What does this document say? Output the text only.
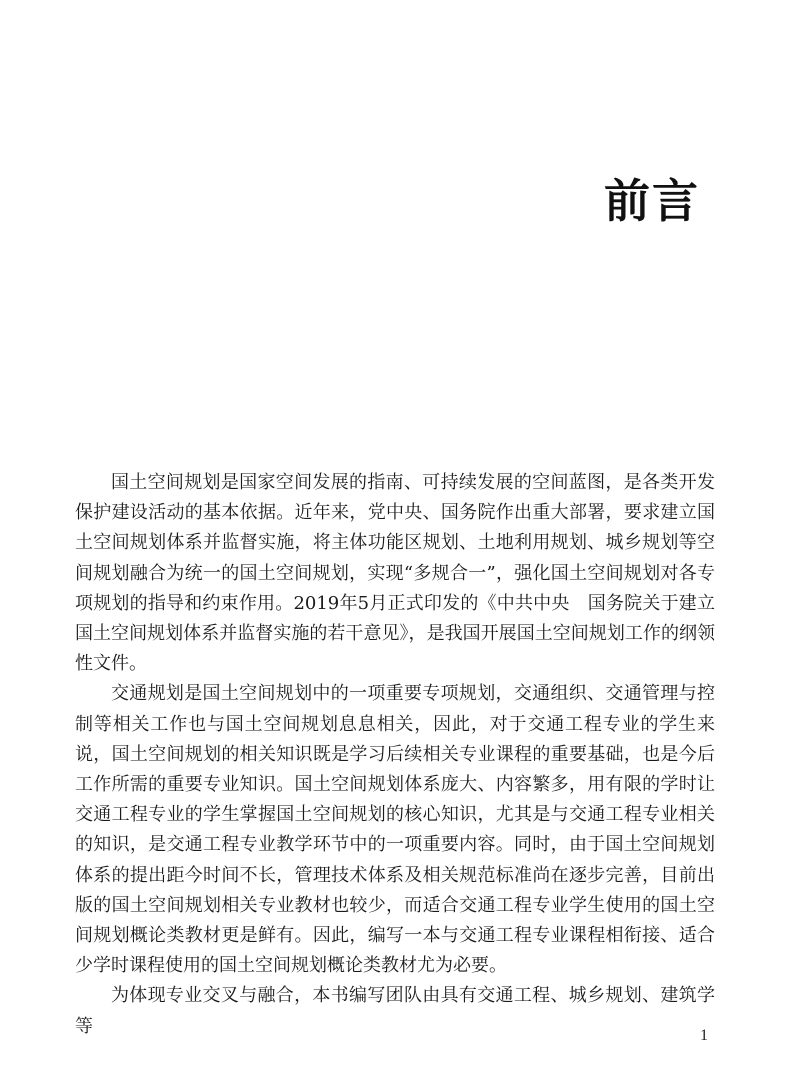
前言

国土空间规划是国家空间发展的指南、可持续发展的空间蓝图，是各类开发保护建设活动的基本依据。近年来，党中央、国务院作出重大部署，要求建立国土空间规划体系并监督实施，将主体功能区规划、土地利用规划、城乡规划等空间规划融合为统一的国土空间规划，实现“多规合一”，强化国土空间规划对各专项规划的指导和约束作用。2019年5月正式印发的《中共中央　国务院关于建立国土空间规划体系并监督实施的若干意见》，是我国开展国土空间规划工作的纲领性文件。

交通规划是国土空间规划中的一项重要专项规划，交通组织、交通管理与控制等相关工作也与国土空间规划息息相关，因此，对于交通工程专业的学生来说，国土空间规划的相关知识既是学习后续相关专业课程的重要基础，也是今后工作所需的重要专业知识。国土空间规划体系庞大、内容繁多，用有限的学时让交通工程专业的学生掌握国土空间规划的核心知识，尤其是与交通工程专业相关的知识，是交通工程专业教学环节中的一项重要内容。同时，由于国土空间规划体系的提出距今时间不长，管理技术体系及相关规范标准尚在逐步完善，目前出版的国土空间规划相关专业教材也较少，而适合交通工程专业学生使用的国土空间规划概论类教材更是鲜有。因此，编写一本与交通工程专业课程相衔接、适合少学时课程使用的国土空间规划概论类教材尤为必要。

为体现专业交叉与融合，本书编写团队由具有交通工程、城乡规划、建筑学等	1
